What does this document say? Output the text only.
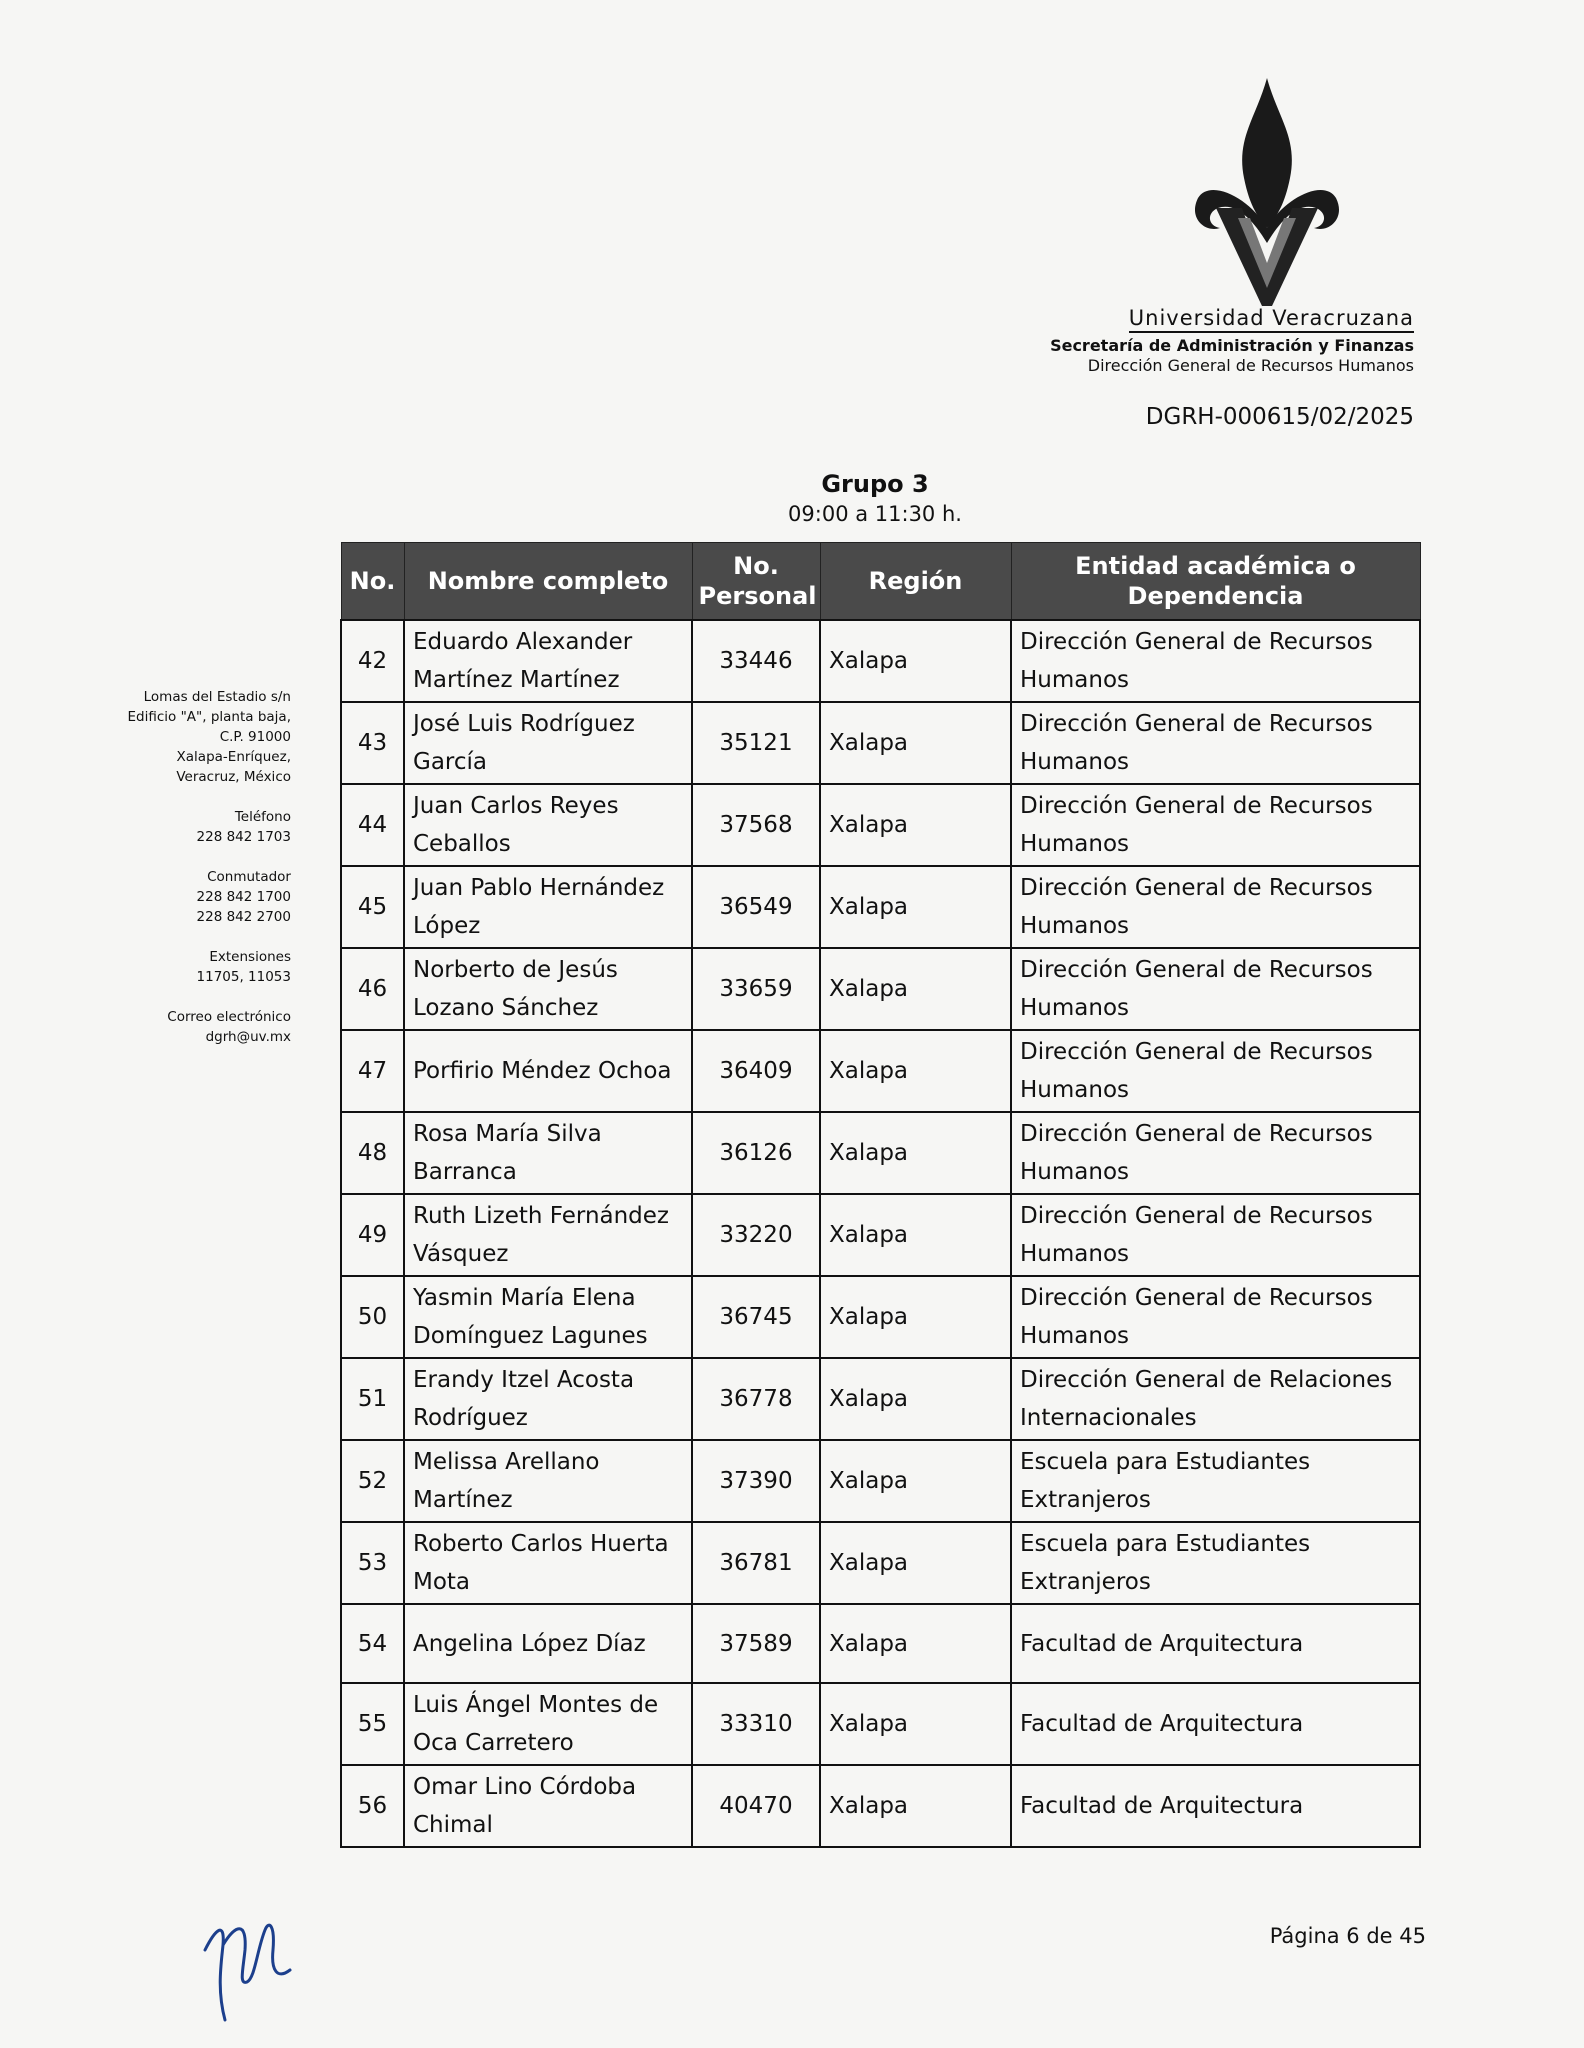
Universidad Veracruzana
Secretaría de Administración y Finanzas
Dirección General de Recursos Humanos
DGRH-000615/02/2025
Grupo 3
09:00 a 11:30 h.
Lomas del Estadio s/n
Edificio "A", planta baja,
C.P. 91000
Xalapa-Enríquez,
Veracruz, México
Teléfono
228 842 1703
Conmutador
228 842 1700
228 842 2700
Extensiones
11705, 11053
Correo electrónico
dgrh@uv.mx
No.	Nombre completo	No. Personal	Región	Entidad académica o Dependencia
42	Eduardo Alexander Martínez Martínez	33446	Xalapa	Dirección General de Recursos Humanos
43	José Luis Rodríguez García	35121	Xalapa	Dirección General de Recursos Humanos
44	Juan Carlos Reyes Ceballos	37568	Xalapa	Dirección General de Recursos Humanos
45	Juan Pablo Hernández López	36549	Xalapa	Dirección General de Recursos Humanos
46	Norberto de Jesús Lozano Sánchez	33659	Xalapa	Dirección General de Recursos Humanos
47	Porfirio Méndez Ochoa	36409	Xalapa	Dirección General de Recursos Humanos
48	Rosa María Silva Barranca	36126	Xalapa	Dirección General de Recursos Humanos
49	Ruth Lizeth Fernández Vásquez	33220	Xalapa	Dirección General de Recursos Humanos
50	Yasmin María Elena Domínguez Lagunes	36745	Xalapa	Dirección General de Recursos Humanos
51	Erandy Itzel Acosta Rodríguez	36778	Xalapa	Dirección General de Relaciones Internacionales
52	Melissa Arellano Martínez	37390	Xalapa	Escuela para Estudiantes Extranjeros
53	Roberto Carlos Huerta Mota	36781	Xalapa	Escuela para Estudiantes Extranjeros
54	Angelina López Díaz	37589	Xalapa	Facultad de Arquitectura
55	Luis Ángel Montes de Oca Carretero	33310	Xalapa	Facultad de Arquitectura
56	Omar Lino Córdoba Chimal	40470	Xalapa	Facultad de Arquitectura
Página 6 de 45
